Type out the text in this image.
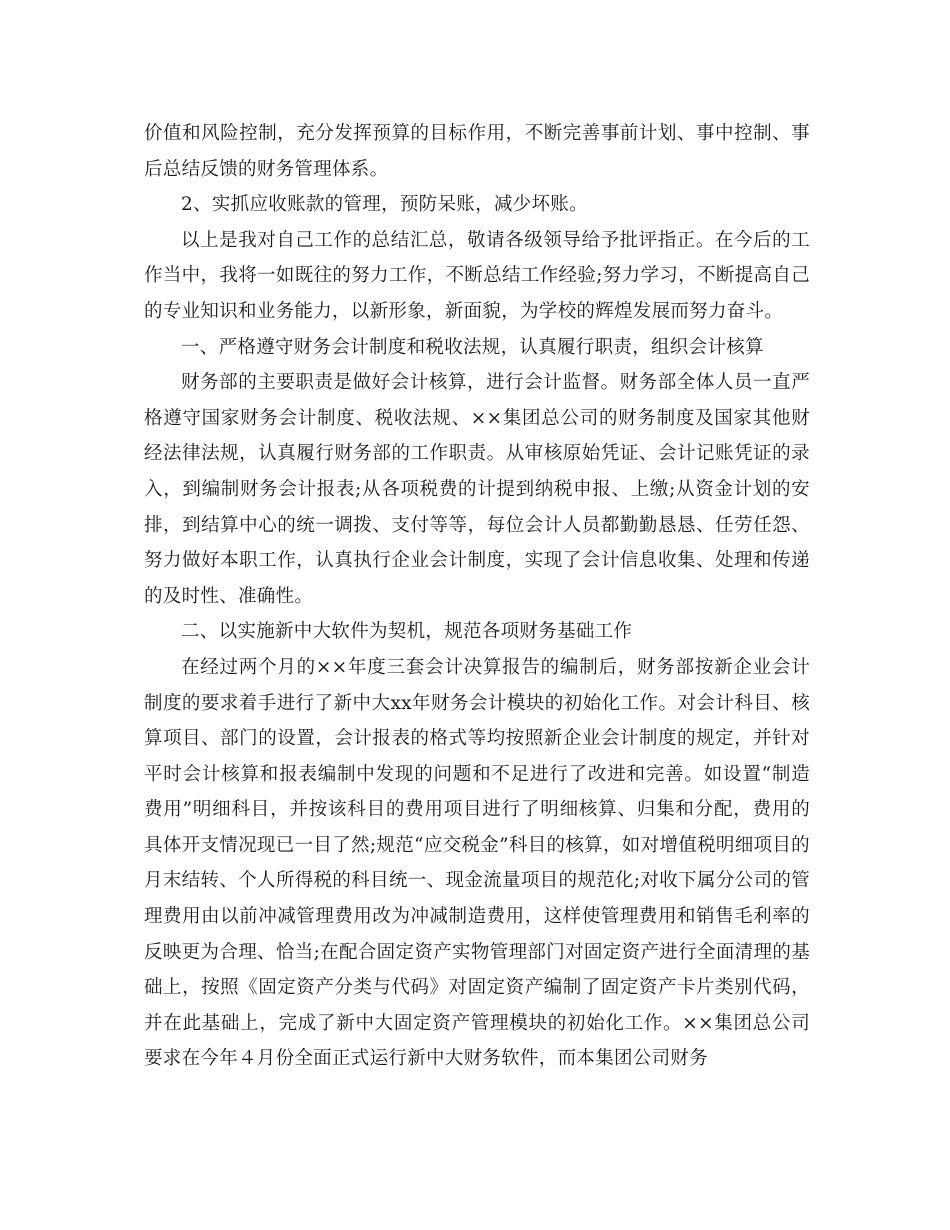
价值和风险控制，充分发挥预算的目标作用，不断完善事前计划、事中控制、事后总结反馈的财务管理体系。

2、实抓应收账款的管理，预防呆账，减少坏账。

以上是我对自己工作的总结汇总，敬请各级领导给予批评指正。在今后的工作当中，我将一如既往的努力工作，不断总结工作经验;努力学习，不断提高自己的专业知识和业务能力，以新形象，新面貌，为学校的辉煌发展而努力奋斗。

一、严格遵守财务会计制度和税收法规，认真履行职责，组织会计核算

财务部的主要职责是做好会计核算，进行会计监督。财务部全体人员一直严格遵守国家财务会计制度、税收法规、××集团总公司的财务制度及国家其他财经法律法规，认真履行财务部的工作职责。从审核原始凭证、会计记账凭证的录入，到编制财务会计报表;从各项税费的计提到纳税申报、上缴;从资金计划的安排，到结算中心的统一调拨、支付等等，每位会计人员都勤勤恳恳、任劳任怨、努力做好本职工作，认真执行企业会计制度，实现了会计信息收集、处理和传递的及时性、准确性。

二、以实施新中大软件为契机，规范各项财务基础工作

在经过两个月的××年度三套会计决算报告的编制后，财务部按新企业会计制度的要求着手进行了新中大xx年财务会计模块的初始化工作。对会计科目、核算项目、部门的设置，会计报表的格式等均按照新企业会计制度的规定，并针对平时会计核算和报表编制中发现的问题和不足进行了改进和完善。如设置“制造费用”明细科目，并按该科目的费用项目进行了明细核算、归集和分配，费用的具体开支情况现已一目了然;规范“应交税金”科目的核算，如对增值税明细项目的月末结转、个人所得税的科目统一、现金流量项目的规范化;对收下属分公司的管理费用由以前冲减管理费用改为冲减制造费用，这样使管理费用和销售毛利率的反映更为合理、恰当;在配合固定资产实物管理部门对固定资产进行全面清理的基础上，按照《固定资产分类与代码》对固定资产编制了固定资产卡片类别代码，并在此基础上，完成了新中大固定资产管理模块的初始化工作。××集团总公司要求在今年４月份全面正式运行新中大财务软件，而本集团公司财务
